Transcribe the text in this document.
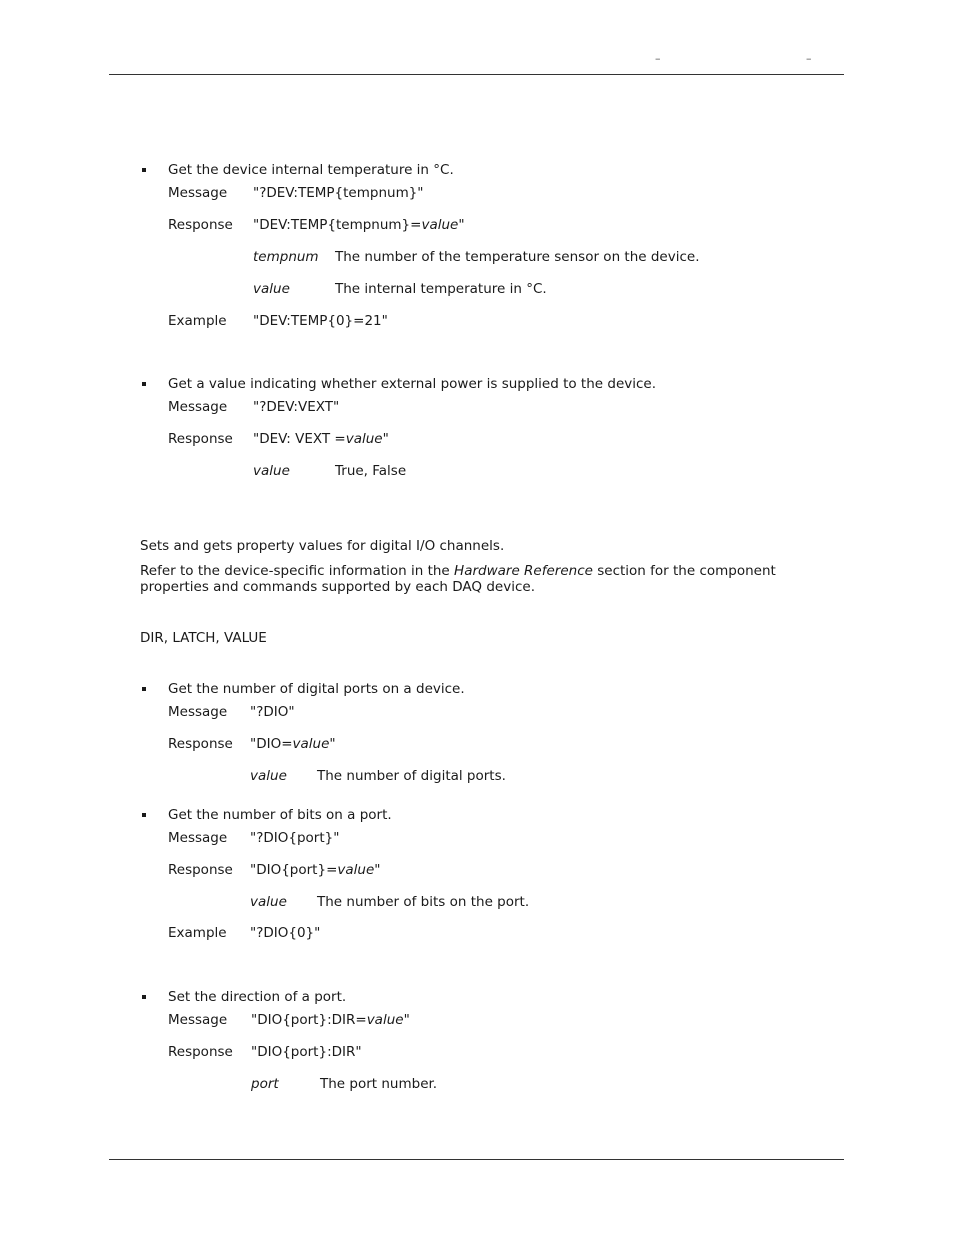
–	–
Get the device internal temperature in °C.
Message "?DEV:TEMP{tempnum}"
Response "DEV:TEMP{tempnum}=value"
tempnum The number of the temperature sensor on the device.
value	The internal temperature in °C.
Example "DEV:TEMP{0}=21"
Get a value indicating whether external power is supplied to the device.
Message "?DEV:VEXT"
Response "DEV: VEXT =value"
value	True, False
Sets and gets property values for digital I/O channels.
Refer to the device-specific information in the Hardware Reference section for the component properties and commands supported by each DAQ device.
DIR, LATCH, VALUE
Get the number of digital ports on a device.
Message "?DIO"
Response "DIO=value"
value The number of digital ports.
Get the number of bits on a port.
Message "?DIO{port}"
Response "DIO{port}=value"
value The number of bits on the port.
Example "?DIO{0}"
Set the direction of a port.
Message "DIO{port}:DIR=value"
Response "DIO{port}:DIR"
port	The port number.
